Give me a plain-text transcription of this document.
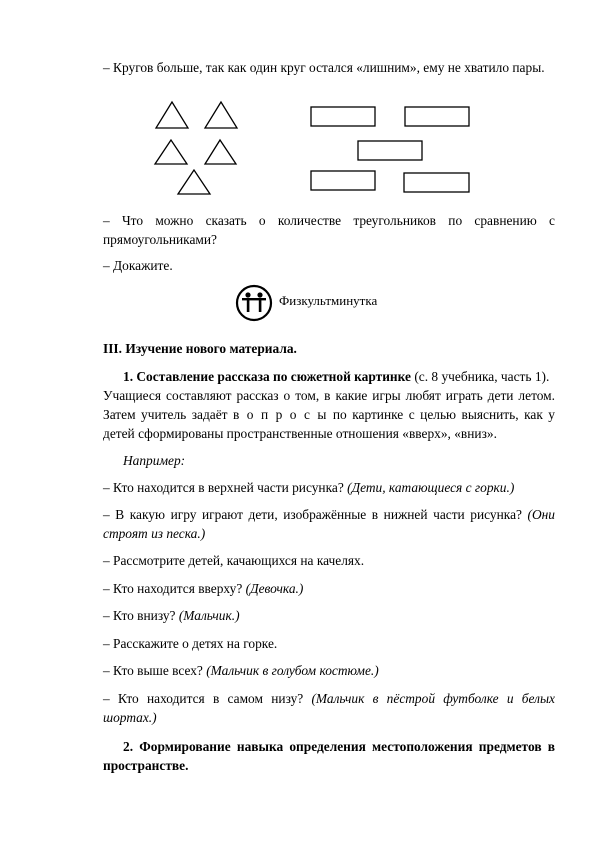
– Кругов больше, так как один круг остался «лишним», ему не хватило пары.

– Что можно сказать о количестве треугольников по сравнению с прямоугольниками?

– Докажите.

Физкультминутка

III. Изучение нового материала.

1. Составление рассказа по сюжетной картинке (с. 8 учебника, часть 1).
Учащиеся составляют рассказ о том, в какие игры любят играть дети летом. Затем учитель задаёт в о п р о с ы по картинке с целью выяснить, как у детей сформированы пространственные отношения «вверх», «вниз».

Например:

– Кто находится в верхней части рисунка? (Дети, катающиеся с горки.)

– В какую игру играют дети, изображённые в нижней части рисунка? (Они строят из песка.)

– Рассмотрите детей, качающихся на качелях.

– Кто находится вверху? (Девочка.)

– Кто внизу? (Мальчик.)

– Расскажите о детях на горке.

– Кто выше всех? (Мальчик в голубом костюме.)

– Кто находится в самом низу? (Мальчик в пёстрой футболке и белых шортах.)

2. Формирование навыка определения местоположения предметов в пространстве.
